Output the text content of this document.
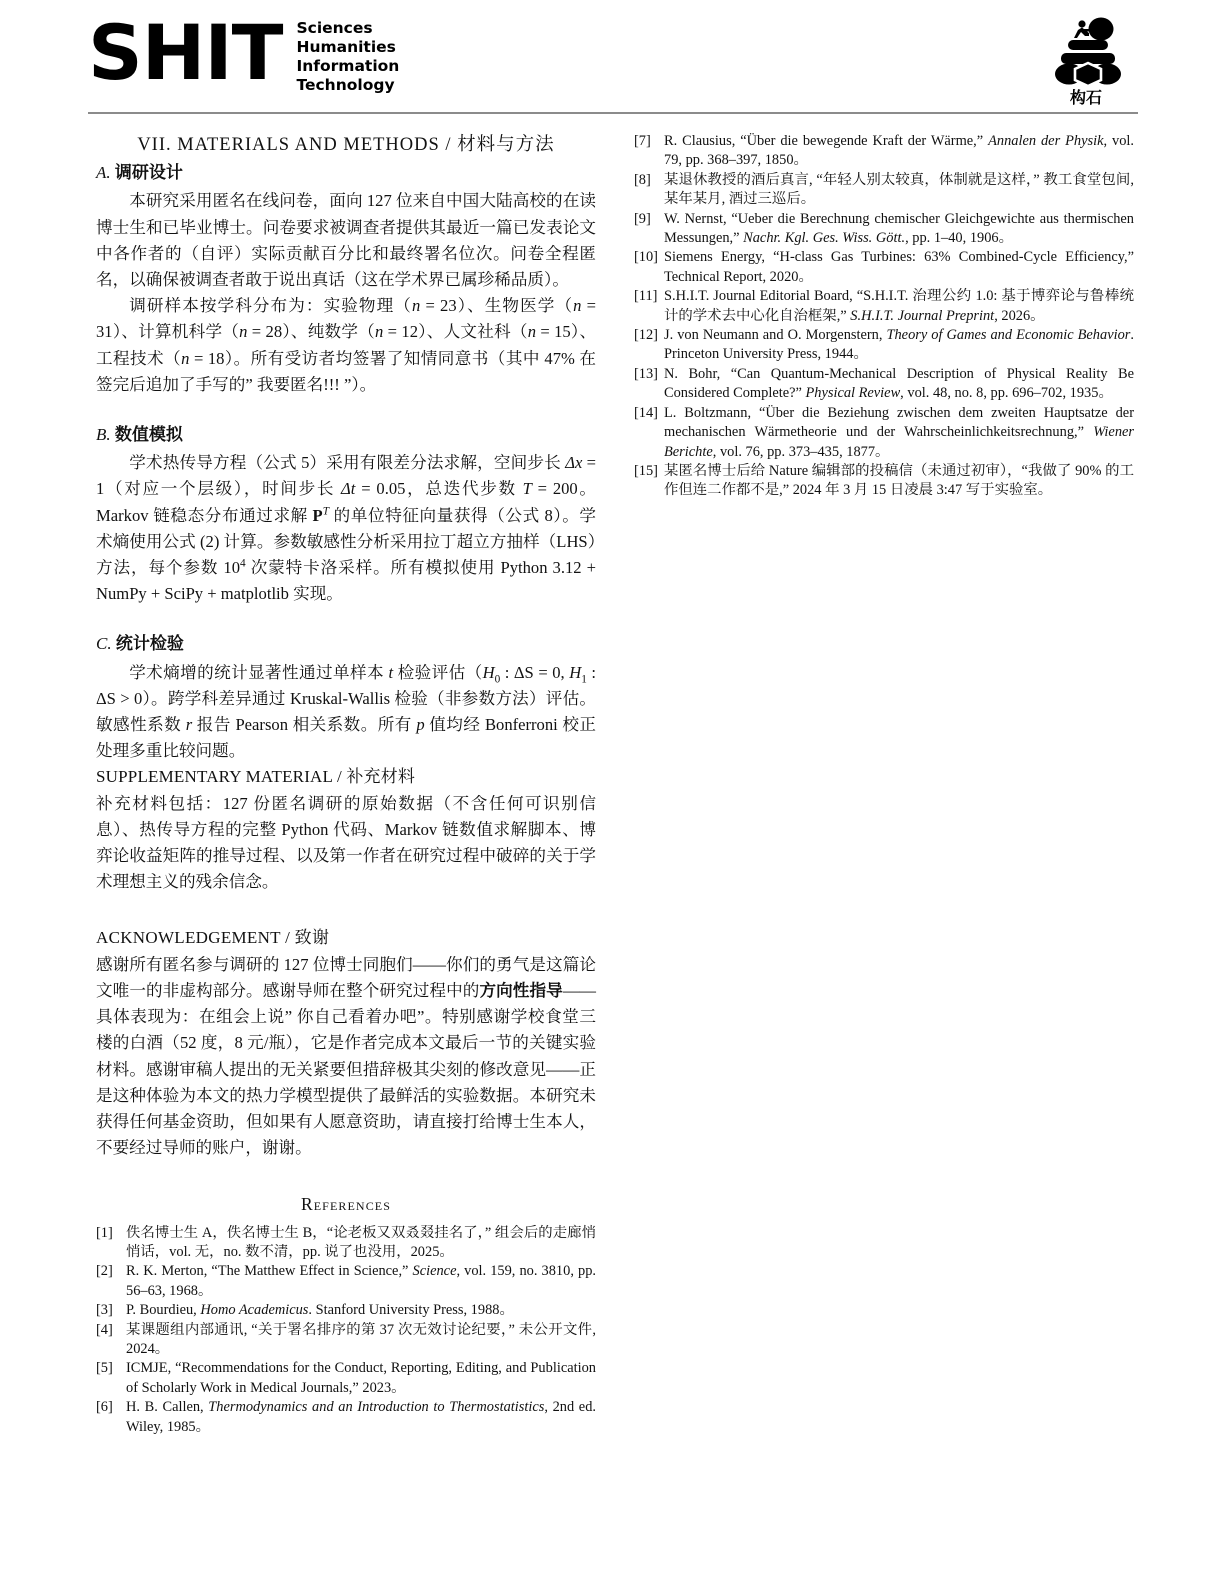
SHIT Sciences
Humanities
Information
Technology
构石
VII. MATERIALS AND METHODS / 材料与方法
A. 调研设计

本研究采用匿名在线问卷，面向 127 位来自中国大陆高校的在读博士生和已毕业博士。问卷要求被调查者提供其最近一篇已发表论文中各作者的（自评）实际贡献百分比和最终署名位次。问卷全程匿名，以确保被调查者敢于说出真话（这在学术界已属珍稀品质）。

调研样本按学科分布为：实验物理（n = 23）、生物医学（n = 31）、计算机科学（n = 28）、纯数学（n = 12）、人文社科（n = 15）、工程技术（n = 18）。所有受访者均签署了知情同意书（其中 47% 在签完后追加了手写的” 我要匿名!!! ”）。

B. 数值模拟

学术热传导方程（公式 5）采用有限差分法求解，空间步长 Δx = 1（对应一个层级），时间步长 Δt = 0.05，总迭代步数 T = 200。Markov 链稳态分布通过求解 $P^T$ 的单位特征向量获得（公式 8）。学术熵使用公式 (2) 计算。参数敏感性分析采用拉丁超立方抽样（LHS）方法，每个参数 $10^4$ 次蒙特卡洛采样。所有模拟使用 Python 3.12 + NumPy + SciPy + matplotlib 实现。

C. 统计检验

学术熵增的统计显著性通过单样本 t 检验评估（$H_0$ : ΔS = 0, $H_1$ : ΔS > 0）。跨学科差异通过 Kruskal-Wallis 检验（非参数方法）评估。敏感性系数 r 报告 Pearson 相关系数。所有 p 值均经 Bonferroni 校正处理多重比较问题。

SUPPLEMENTARY MATERIAL / 补充材料

补充材料包括：127 份匿名调研的原始数据（不含任何可识别信息）、热传导方程的完整 Python 代码、Markov 链数值求解脚本、博弈论收益矩阵的推导过程、以及第一作者在研究过程中破碎的关于学术理想主义的残余信念。

ACKNOWLEDGEMENT / 致谢

感谢所有匿名参与调研的 127 位博士同胞们——你们的勇气是这篇论文唯一的非虚构部分。感谢导师在整个研究过程中的方向性指导——具体表现为：在组会上说” 你自己看着办吧”。特别感谢学校食堂三楼的白酒（52 度，8 元/瓶），它是作者完成本文最后一节的关键实验材料。感谢审稿人提出的无关紧要但措辞极其尖刻的修改意见——正是这种体验为本文的热力学模型提供了最鲜活的实验数据。本研究未获得任何基金资助，但如果有人愿意资助，请直接打给博士生本人，不要经过导师的账户，谢谢。

References
[1] 佚名博士生 A，佚名博士生 B，“论老板又双叒叕挂名了，” 组会后的走廊悄悄话，vol. 无，no. 数不清，pp. 说了也没用，2025。
[2] R. K. Merton, “The Matthew Effect in Science,” Science, vol. 159, no. 3810, pp. 56–63, 1968。
[3] P. Bourdieu, Homo Academicus. Stanford University Press, 1988。
[4] 某课题组内部通讯, “关于署名排序的第 37 次无效讨论纪要，” 未公开文件, 2024。
[5] ICMJE, “Recommendations for the Conduct, Reporting, Editing, and Publication of Scholarly Work in Medical Journals,” 2023。
[6] H. B. Callen, Thermodynamics and an Introduction to Thermostatistics, 2nd ed. Wiley, 1985。
[7] R. Clausius, “Über die bewegende Kraft der Wärme,” Annalen der Physik, vol. 79, pp. 368–397, 1850。
[8] 某退休教授的酒后真言, “年轻人别太较真，体制就是这样，” 教工食堂包间, 某年某月, 酒过三巡后。
[9] W. Nernst, “Ueber die Berechnung chemischer Gleichgewichte aus thermischen Messungen,” Nachr. Kgl. Ges. Wiss. Gött., pp. 1–40, 1906。
[10] Siemens Energy, “H-class Gas Turbines: 63% Combined-Cycle Efficiency,” Technical Report, 2020。
[11] S.H.I.T. Journal Editorial Board, “S.H.I.T. 治理公约 1.0: 基于博弈论与鲁棒统计的学术去中心化自治框架,” S.H.I.T. Journal Preprint, 2026。
[12] J. von Neumann and O. Morgenstern, Theory of Games and Economic Behavior. Princeton University Press, 1944。
[13] N. Bohr, “Can Quantum-Mechanical Description of Physical Reality Be Considered Complete?” Physical Review, vol. 48, no. 8, pp. 696–702, 1935。
[14] L. Boltzmann, “Über die Beziehung zwischen dem zweiten Hauptsatze der mechanischen Wärmetheorie und der Wahrscheinlichkeitsrechnung,” Wiener Berichte, vol. 76, pp. 373–435, 1877。
[15] 某匿名博士后给 Nature 编辑部的投稿信（未通过初审），“我做了 90% 的工作但连二作都不是,” 2024 年 3 月 15 日凌晨 3:47 写于实验室。
